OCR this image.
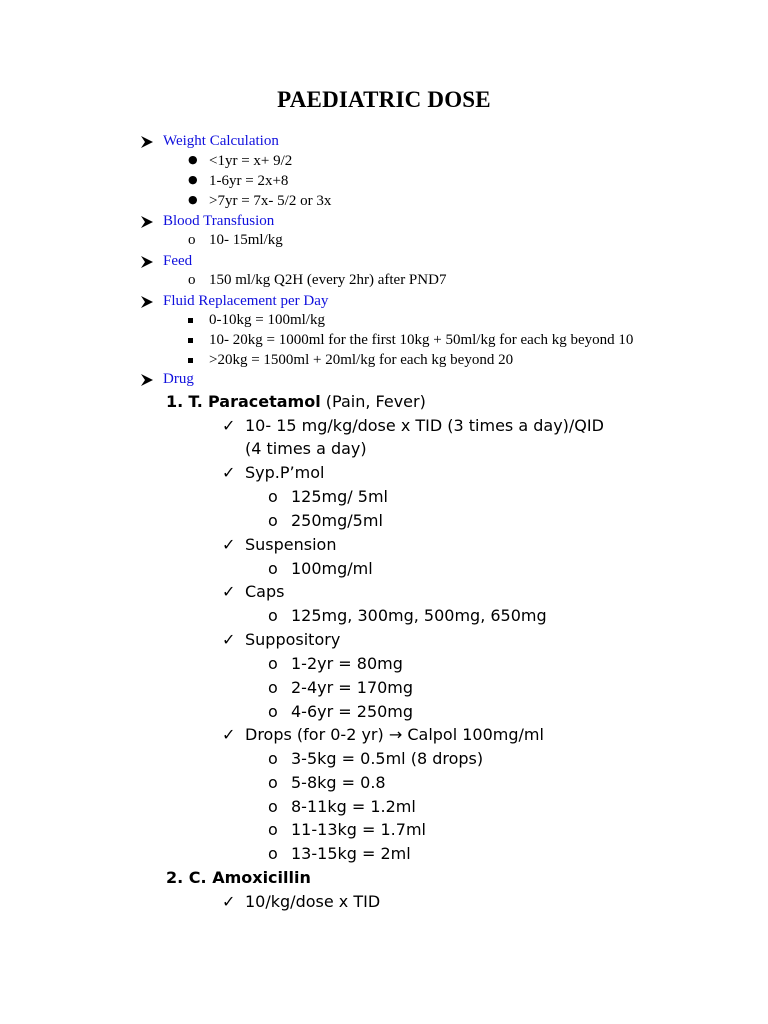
PAEDIATRIC DOSE
Weight Calculation
● <1yr = x+ 9/2
● 1-6yr = 2x+8
● >7yr = 7x- 5/2 or 3x
Blood Transfusion
o 10- 15ml/kg
Feed
o 150 ml/kg Q2H (every 2hr) after PND7
Fluid Replacement per Day
0-10kg = 100ml/kg
10- 20kg = 1000ml for the first 10kg + 50ml/kg for each kg beyond 10
>20kg = 1500ml + 20ml/kg for each kg beyond 20
Drug
1. T. Paracetamol (Pain, Fever)
✓ 10- 15 mg/kg/dose x TID (3 times a day)/QID
(4 times a day)
✓ Syp.P’mol
o 125mg/ 5ml
o 250mg/5ml
✓ Suspension
o 100mg/ml
✓ Caps
o 125mg, 300mg, 500mg, 650mg
✓ Suppository
o 1-2yr = 80mg
o 2-4yr = 170mg
o 4-6yr = 250mg
✓ Drops (for 0-2 yr) → Calpol 100mg/ml
o 3-5kg = 0.5ml (8 drops)
o 5-8kg = 0.8
o 8-11kg = 1.2ml
o 11-13kg = 1.7ml
o 13-15kg = 2ml
2. C. Amoxicillin
✓ 10/kg/dose x TID
